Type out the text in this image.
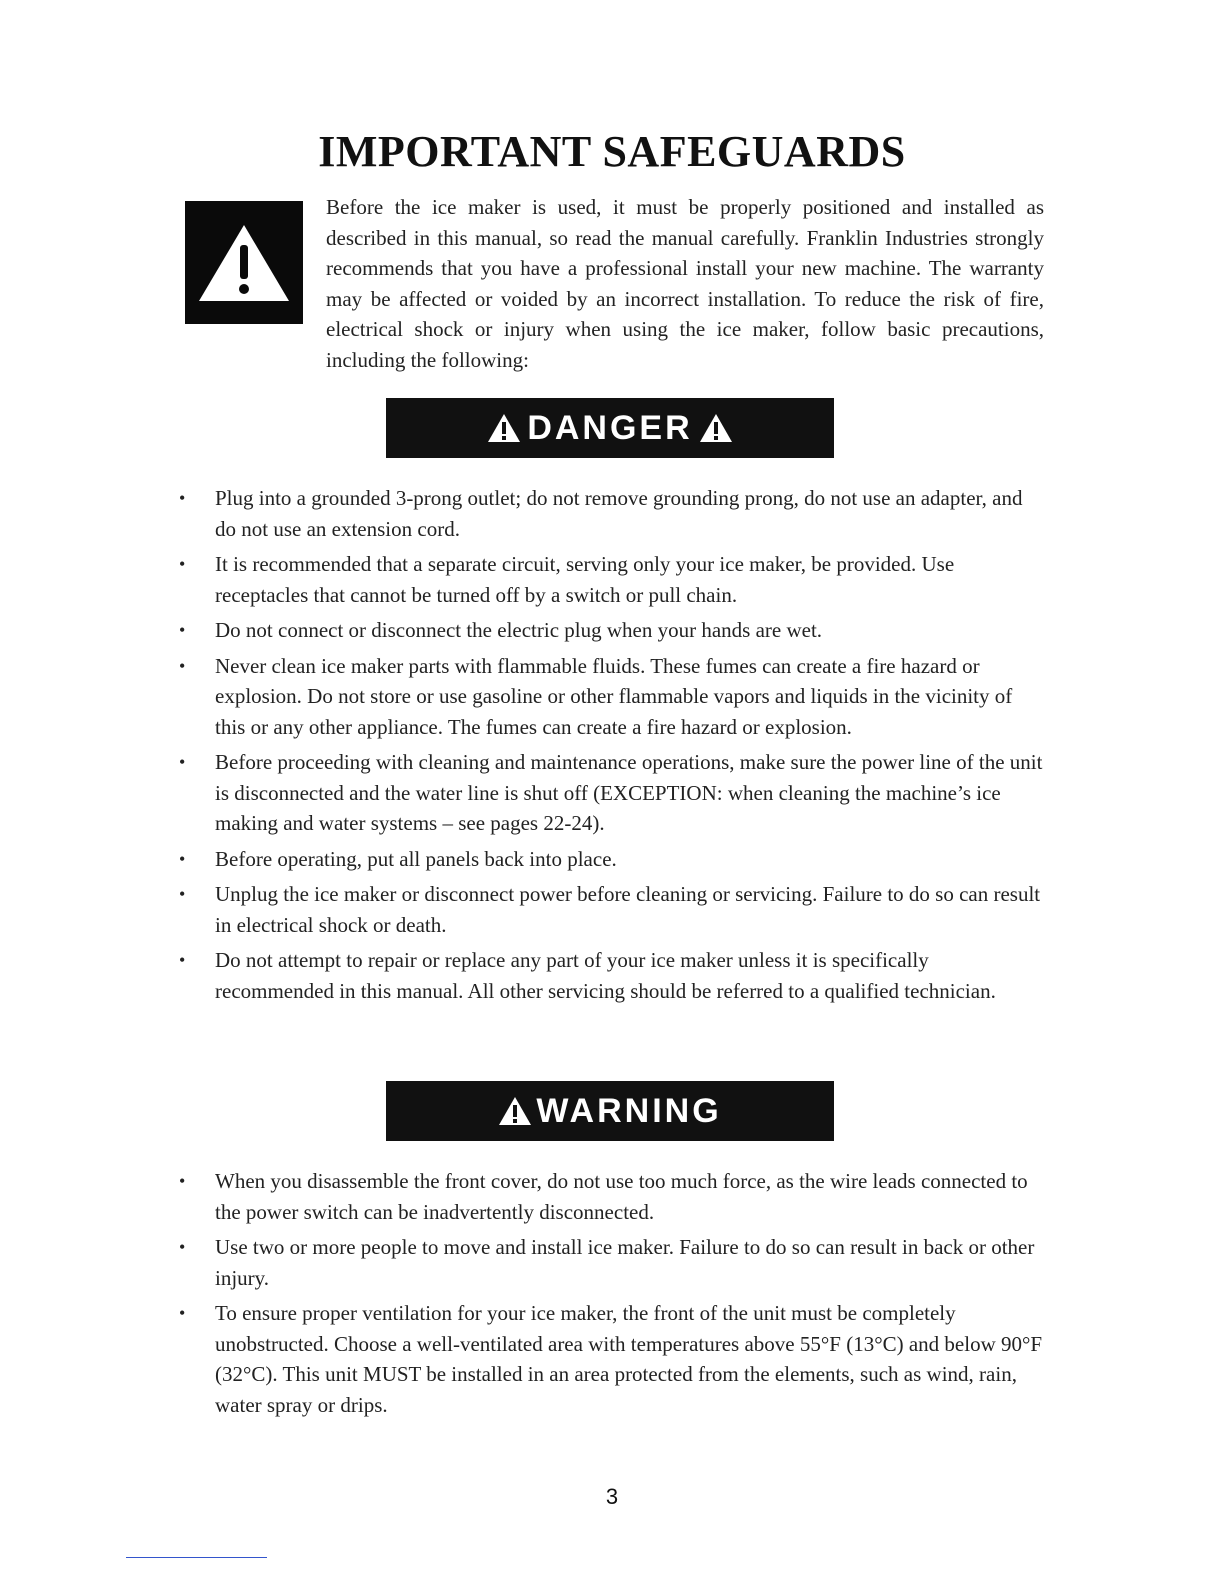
IMPORTANT SAFEGUARDS

Before the ice maker is used, it must be properly positioned and installed as described in this manual, so read the manual carefully. Franklin Industries strongly recommends that you have a professional install your new machine. The warranty may be affected or voided by an incorrect installation. To reduce the risk of fire, electrical shock or injury when using the ice maker, follow basic precautions, including the following:

DANGER
• Plug into a grounded 3-prong outlet; do not remove grounding prong, do not use an adapter, and do not use an extension cord.
• It is recommended that a separate circuit, serving only your ice maker, be provided. Use receptacles that cannot be turned off by a switch or pull chain.
• Do not connect or disconnect the electric plug when your hands are wet.
• Never clean ice maker parts with flammable fluids. These fumes can create a fire hazard or explosion. Do not store or use gasoline or other flammable vapors and liquids in the vicinity of this or any other appliance. The fumes can create a fire hazard or explosion.
• Before proceeding with cleaning and maintenance operations, make sure the power line of the unit is disconnected and the water line is shut off (EXCEPTION: when cleaning the machine’s ice making and water systems – see pages 22-24).
• Before operating, put all panels back into place.
• Unplug the ice maker or disconnect power before cleaning or servicing. Failure to do so can result in electrical shock or death.
• Do not attempt to repair or replace any part of your ice maker unless it is specifically recommended in this manual. All other servicing should be referred to a qualified technician.
WARNING
• When you disassemble the front cover, do not use too much force, as the wire leads connected to the power switch can be inadvertently disconnected.
• Use two or more people to move and install ice maker. Failure to do so can result in back or other injury.
• To ensure proper ventilation for your ice maker, the front of the unit must be completely unobstructed. Choose a well-ventilated area with temperatures above 55°F (13°C) and below 90°F (32°C). This unit MUST be installed in an area protected from the elements, such as wind, rain, water spray or drips.
3
